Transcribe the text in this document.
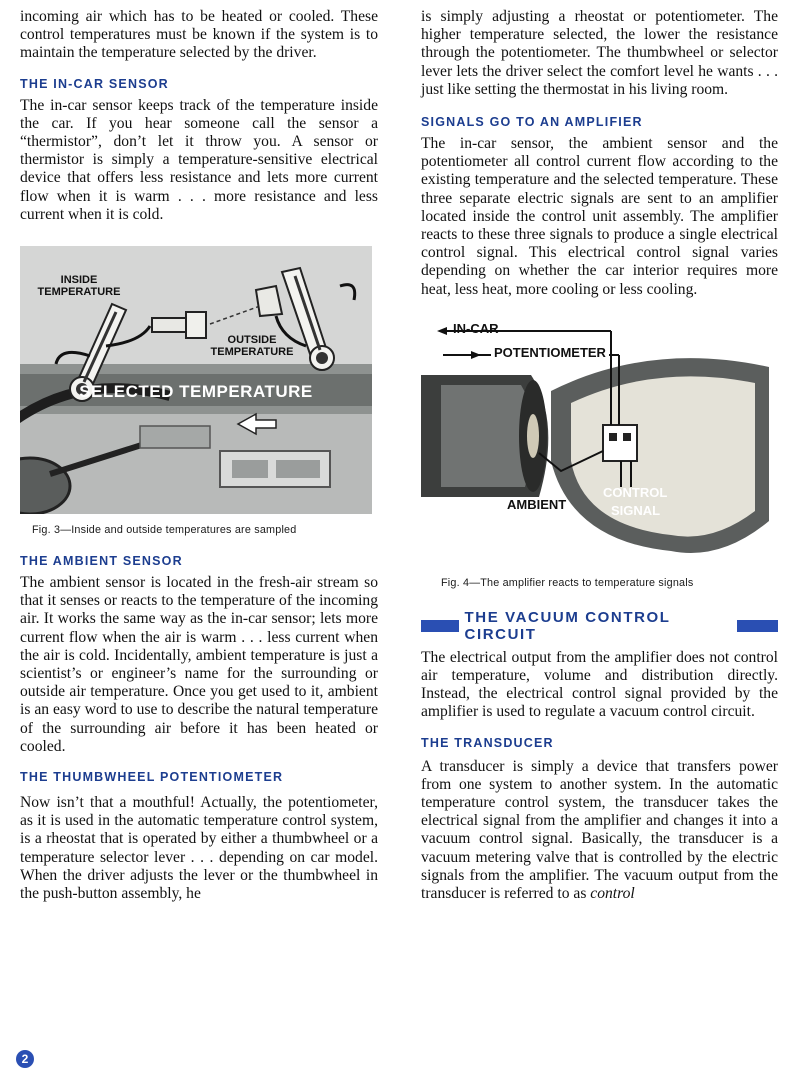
incoming air which has to be heated or cooled. These control temperatures must be known if the system is to maintain the temperature selected by the driver.

THE IN-CAR SENSOR

The in-car sensor keeps track of the temperature inside the car. If you hear someone call the sensor a “thermistor”, don’t let it throw you. A sensor or thermistor is simply a temperature-sensitive electrical device that offers less resistance and lets more current flow when it is warm . . . more resistance and less current when it is cold.

INSIDE TEMPERATURE
OUTSIDE TEMPERATURE
SELECTED TEMPERATURE
Fig. 3—Inside and outside temperatures are sampled
THE AMBIENT SENSOR

The ambient sensor is located in the fresh-air stream so that it senses or reacts to the temperature of the incoming air. It works the same way as the in-car sensor; lets more current flow when the air is warm . . . less current when the air is cold. Incidentally, ambient temperature is just a scientist’s or engineer’s name for the surrounding or outside air temperature. Once you get used to it, ambient is an easy word to use to describe the natural temperature of the surrounding air before it has been heated or cooled.

THE THUMBWHEEL POTENTIOMETER

Now isn’t that a mouthful! Actually, the potentiometer, as it is used in the automatic temperature control system, is a rheostat that is operated by either a thumbwheel or a temperature selector lever . . . depending on car model. When the driver adjusts the lever or the thumbwheel in the push-button assembly, he

is simply adjusting a rheostat or potentiometer. The higher temperature selected, the lower the resistance through the potentiometer. The thumbwheel or selector lever lets the driver select the comfort level he wants . . . just like setting the thermostat in his living room.

SIGNALS GO TO AN AMPLIFIER

The in-car sensor, the ambient sensor and the potentiometer all control current flow according to the existing temperature and the selected temperature. These three separate electric signals are sent to an amplifier located inside the control unit assembly. The amplifier reacts to these three signals to produce a single electrical control signal. This electrical control signal varies depending on whether the car interior requires more heat, less heat, more cooling or less cooling.

IN-CAR
POTENTIOMETER
AMBIENT
CONTROL
SIGNAL
Fig. 4—The amplifier reacts to temperature signals
THE VACUUM CONTROL CIRCUIT

The electrical output from the amplifier does not control air temperature, volume and distribution directly. Instead, the electrical control signal provided by the amplifier is used to regulate a vacuum control circuit.

THE TRANSDUCER

A transducer is simply a device that transfers power from one system to another system. In the automatic temperature control system, the transducer takes the electrical signal from the amplifier and changes it into a vacuum control signal. Basically, the transducer is a vacuum metering valve that is controlled by the electric signals from the amplifier. The vacuum output from the transducer is referred to as control

2
